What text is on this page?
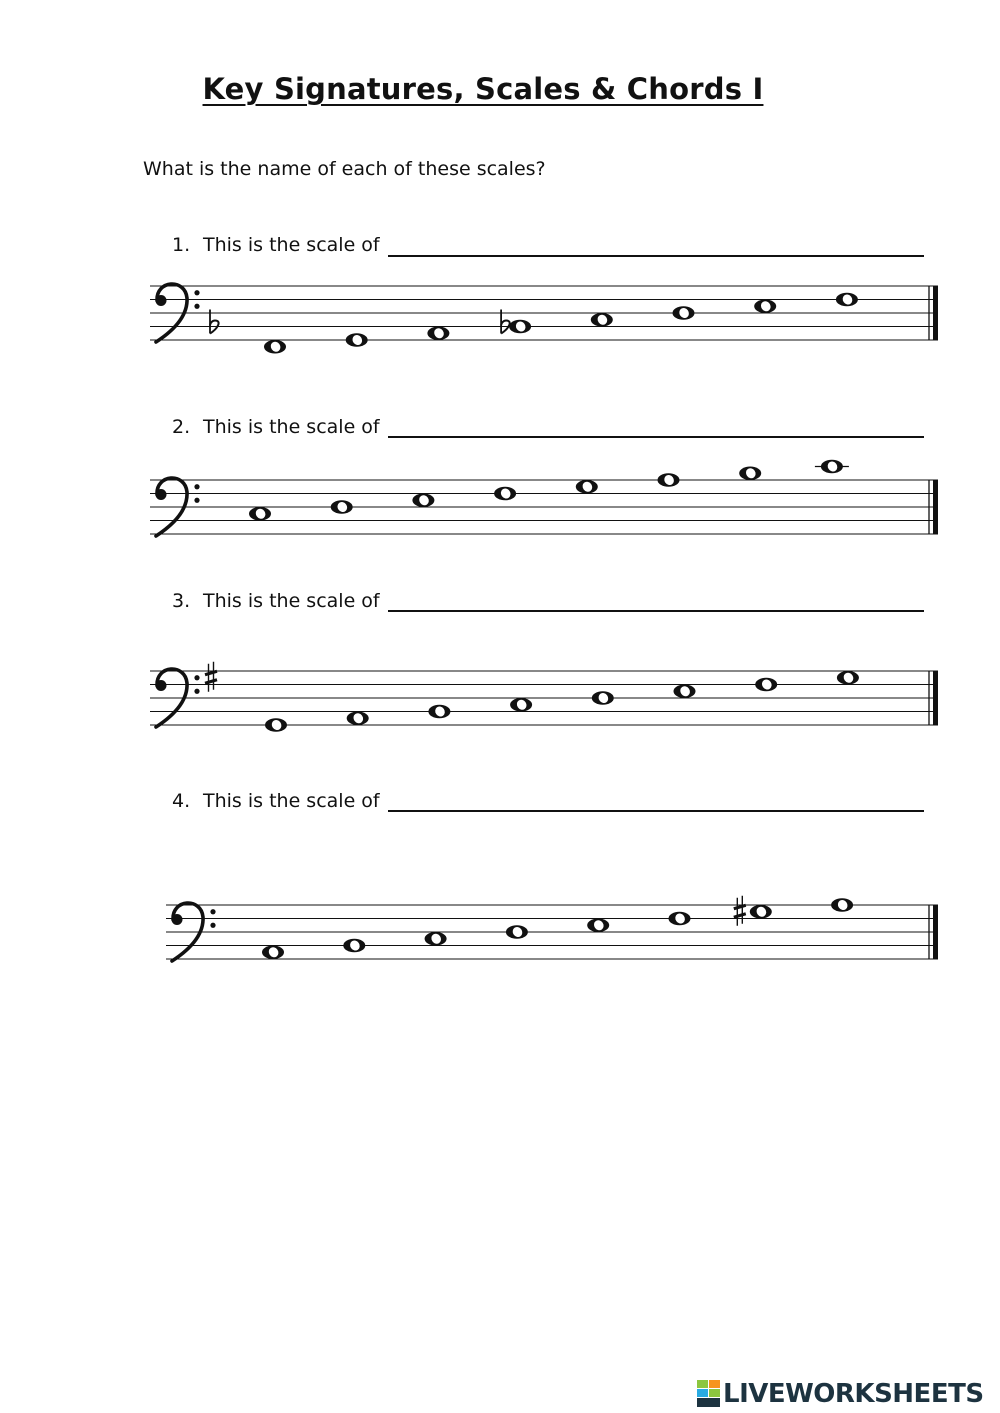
Key Signatures, Scales & Chords I
What is the name of each of these scales?
1. This is the scale of
2. This is the scale of
3. This is the scale of
4. This is the scale of
LIVEWORKSHEETS
